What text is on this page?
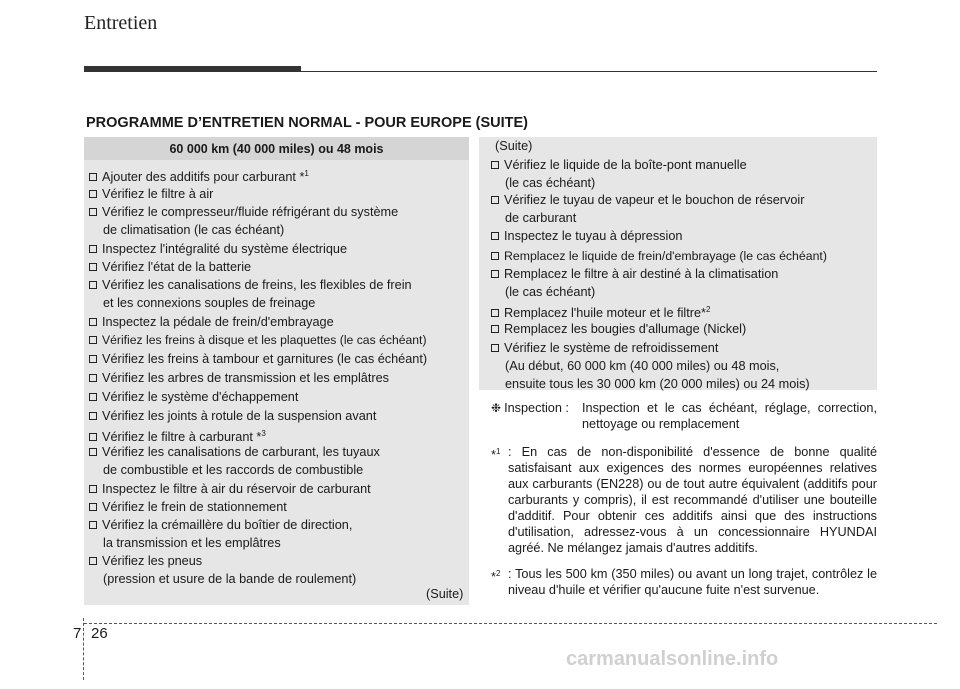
Entretien
PROGRAMME D’ENTRETIEN NORMAL - POUR EUROPE (SUITE)
60 000 km (40 000 miles) ou 48 mois
Ajouter des additifs pour carburant *$^1$
Vérifiez le filtre à air
Vérifiez le compresseur/fluide réfrigérant du système
de climatisation (le cas échéant)
Inspectez l'intégralité du système électrique
Vérifiez l'état de la batterie
Vérifiez les canalisations de freins, les flexibles de frein
et les connexions souples de freinage
Inspectez la pédale de frein/d'embrayage
Vérifiez les freins à disque et les plaquettes (le cas échéant)
Vérifiez les freins à tambour et garnitures (le cas échéant)
Vérifiez les arbres de transmission et les emplâtres
Vérifiez le système d'échappement
Vérifiez les joints à rotule de la suspension avant
Vérifiez le filtre à carburant *$^3$
Vérifiez les canalisations de carburant, les tuyaux
de combustible et les raccords de combustible
Inspectez le filtre à air du réservoir de carburant
Vérifiez le frein de stationnement
Vérifiez la crémaillère du boîtier de direction,
la transmission et les emplâtres
Vérifiez les pneus
(pression et usure de la bande de roulement)
(Suite)
(Suite)
Vérifiez le liquide de la boîte-pont manuelle
(le cas échéant)
Vérifiez le tuyau de vapeur et le bouchon de réservoir
de carburant
Inspectez le tuyau à dépression
Remplacez le liquide de frein/d'embrayage (le cas échéant)
Remplacez le filtre à air destiné à la climatisation
(le cas échéant)
Remplacez l'huile moteur et le filtre*$^2$
Remplacez les bougies d'allumage (Nickel)
Vérifiez le système de refroidissement
(Au début, 60 000 km (40 000 miles) ou 48 mois,
ensuite tous les 30 000 km (20 000 miles) ou 24 mois)
❉ Inspection :	Inspection et le cas échéant, réglage, correction, nettoyage ou remplacement
*$^1$ : En cas de non-disponibilité d'essence de bonne qualité satisfaisant aux exigences des normes européennes relatives aux carburants (EN228) ou de tout autre équivalent (additifs pour carburants y compris), il est recommandé d'utiliser une bouteille d'additif. Pour obtenir ces additifs ainsi que des instructions d'utilisation, adressez-vous à un concessionnaire HYUNDAI agréé. Ne mélangez jamais d'autres additifs.
*$^2$ : Tous les 500 km (350 miles) ou avant un long trajet, contrôlez le niveau d'huile et vérifier qu'aucune fuite n'est survenue.
7 26
carmanualsonline.info
